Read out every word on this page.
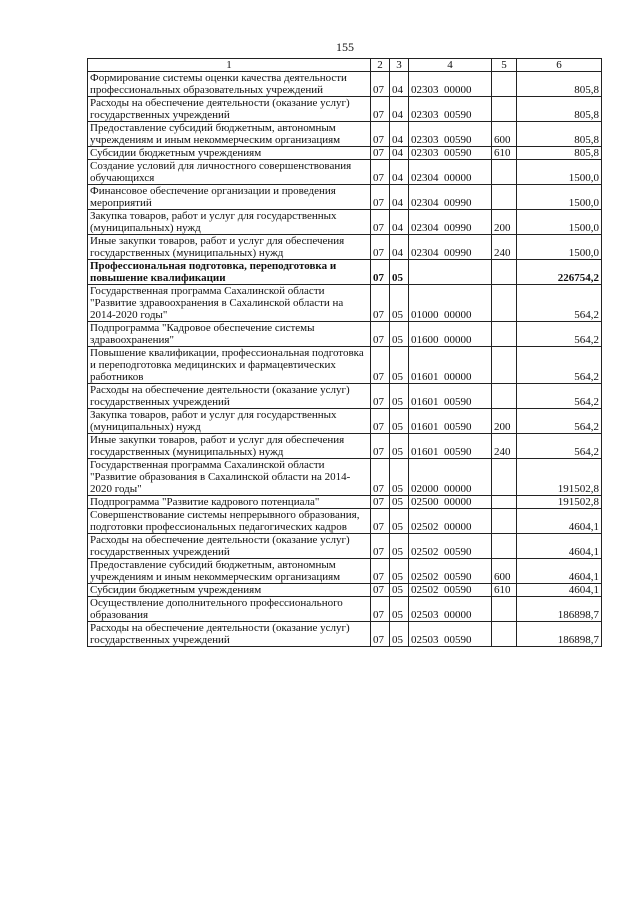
155
1	2	3	4	5	6
Формирование системы оценки качества деятельности профессиональных образовательных учреждений	07	04	02303  00000		805,8
Расходы на обеспечение деятельности (оказание услуг) государственных учреждений	07	04	02303  00590		805,8
Предоставление субсидий бюджетным, автономным учреждениям и иным некоммерческим организациям	07	04	02303  00590	600	805,8
Субсидии бюджетным учреждениям	07	04	02303  00590	610	805,8
Создание условий для личностного совершенствования обучающихся	07	04	02304  00000		1500,0
Финансовое обеспечение организации и проведения мероприятий	07	04	02304  00990		1500,0
Закупка товаров, работ и услуг для государственных (муниципальных) нужд	07	04	02304  00990	200	1500,0
Иные закупки товаров, работ и услуг для обеспечения государственных (муниципальных) нужд	07	04	02304  00990	240	1500,0
Профессиональная подготовка, переподготовка и повышение квалификации	07	05			226754,2
Государственная программа Сахалинской области "Развитие здравоохранения в Сахалинской области на 2014-2020 годы"	07	05	01000  00000		564,2
Подпрограмма "Кадровое обеспечение системы здравоохранения"	07	05	01600  00000		564,2
Повышение квалификации, профессиональная подготовка и переподготовка медицинских и фармацевтических работников	07	05	01601  00000		564,2
Расходы на обеспечение деятельности (оказание услуг) государственных учреждений	07	05	01601  00590		564,2
Закупка товаров, работ и услуг для государственных (муниципальных) нужд	07	05	01601  00590	200	564,2
Иные закупки товаров, работ и услуг для обеспечения государственных (муниципальных) нужд	07	05	01601  00590	240	564,2
Государственная программа Сахалинской области "Развитие образования в Сахалинской области на 2014-2020 годы"	07	05	02000  00000		191502,8
Подпрограмма "Развитие кадрового потенциала"	07	05	02500  00000		191502,8
Совершенствование системы непрерывного образования, подготовки профессиональных педагогических кадров	07	05	02502  00000		4604,1
Расходы на обеспечение деятельности (оказание услуг) государственных учреждений	07	05	02502  00590		4604,1
Предоставление субсидий бюджетным, автономным учреждениям и иным некоммерческим организациям	07	05	02502  00590	600	4604,1
Субсидии бюджетным учреждениям	07	05	02502  00590	610	4604,1
Осуществление дополнительного профессионального образования	07	05	02503  00000		186898,7
Расходы на обеспечение деятельности (оказание услуг) государственных учреждений	07	05	02503  00590		186898,7
